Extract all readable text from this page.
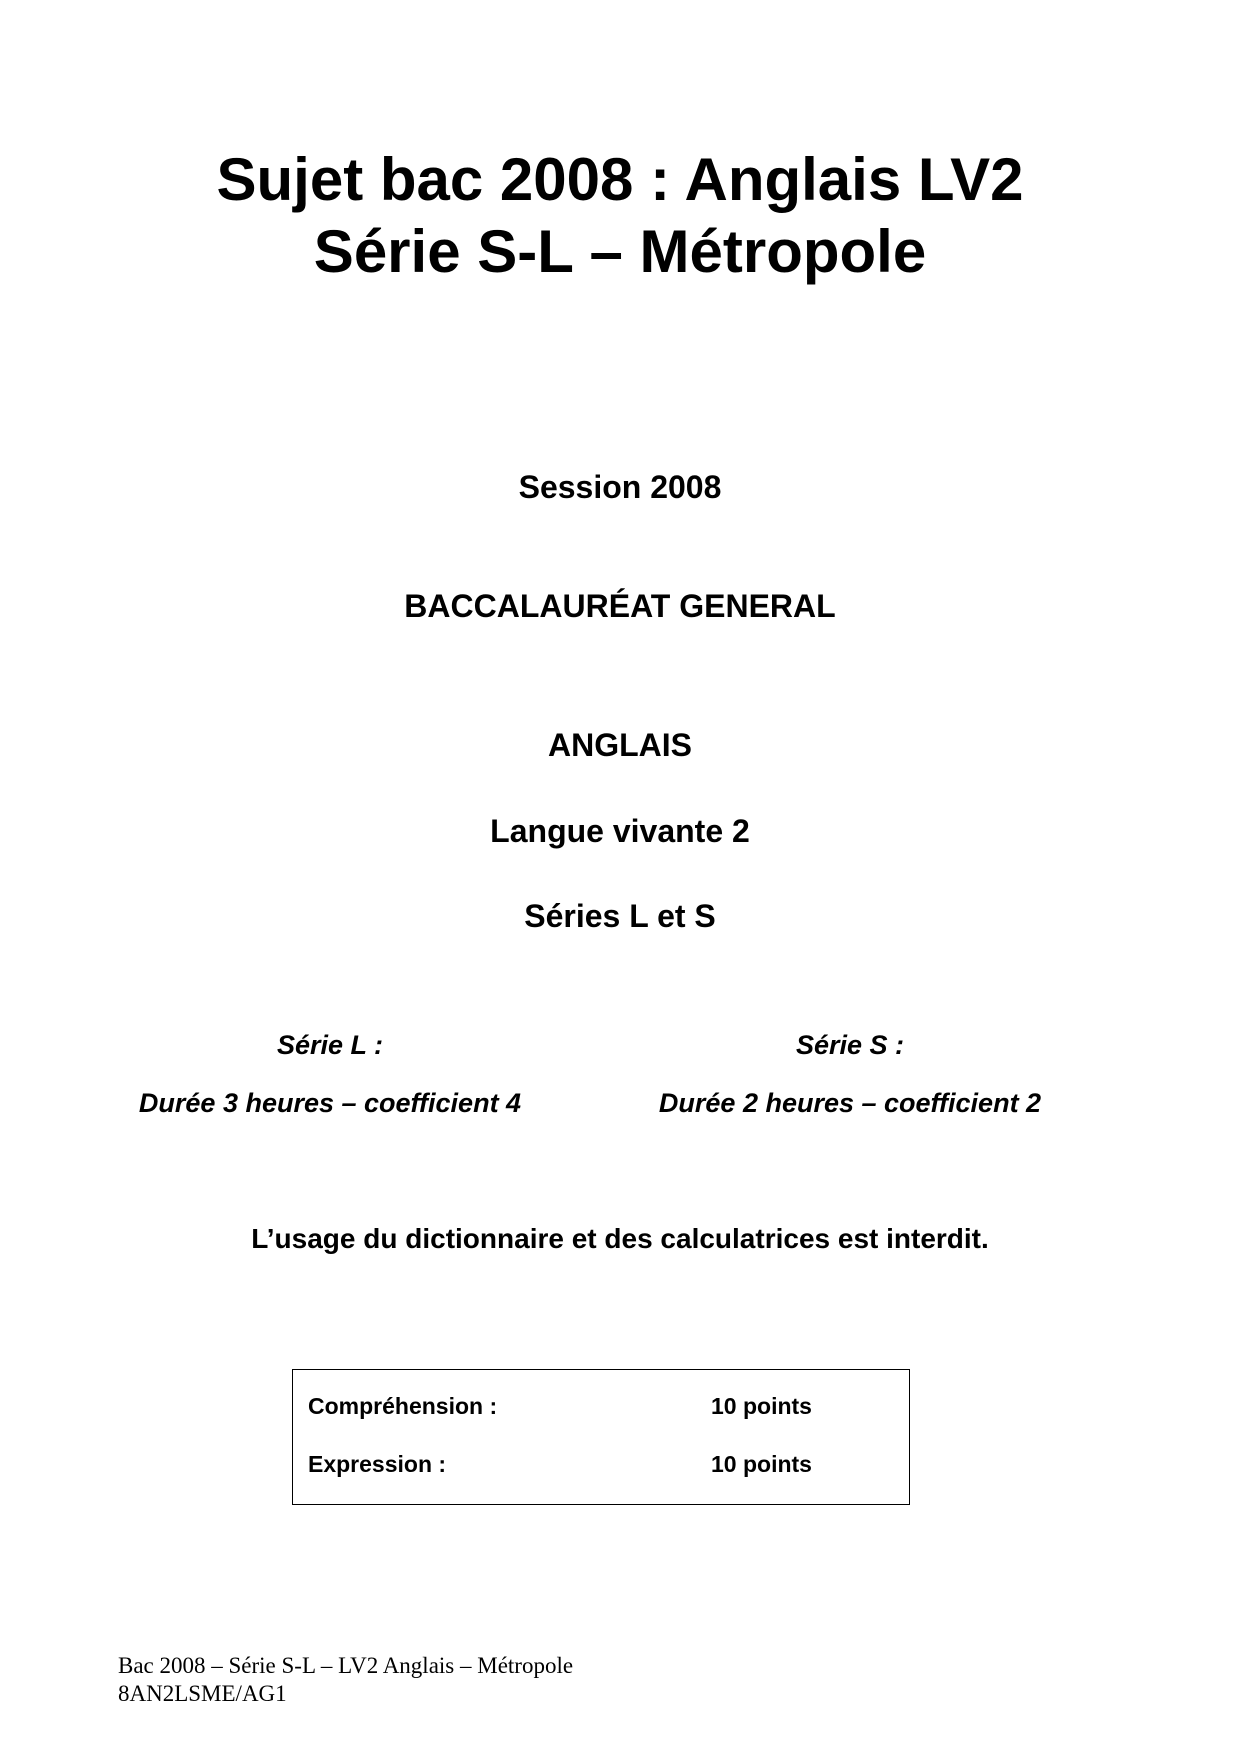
Sujet bac 2008 : Anglais LV2
Série S-L – Métropole
Session 2008
BACCALAURÉAT GENERAL
ANGLAIS
Langue vivante 2
Séries L et S
Série L :
Durée 3 heures – coefficient 4
Série S :
Durée 2 heures – coefficient 2
L’usage du dictionnaire et des calculatrices est interdit.
Compréhension :	10 points
Expression :	10 points
Bac 2008 – Série S-L – LV2 Anglais – Métropole
8AN2LSME/AG1
